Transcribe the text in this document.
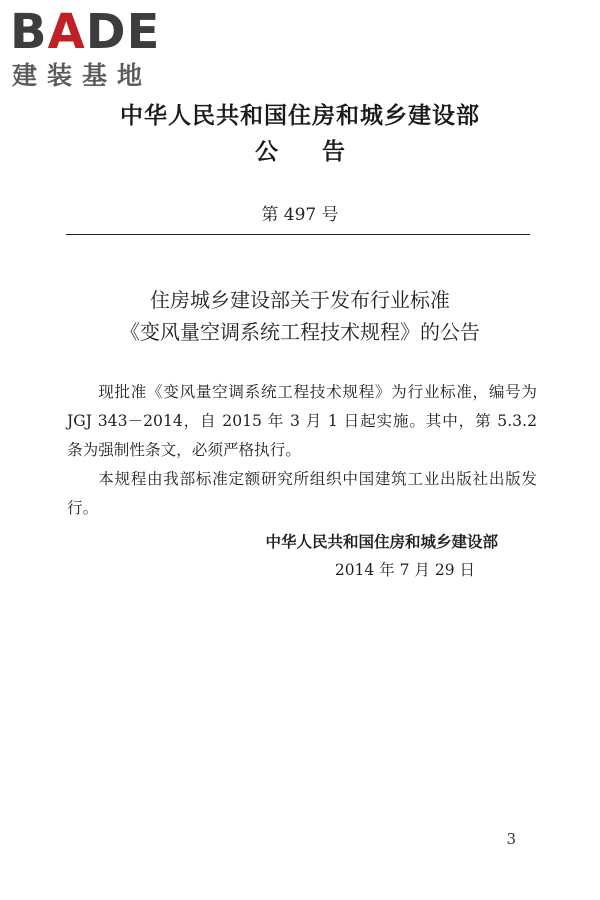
BADE
建装基地
中华人民共和国住房和城乡建设部
公 告
第 497 号
住房城乡建设部关于发布行业标准
《变风量空调系统工程技术规程》的公告

现批准《变风量空调系统工程技术规程》为行业标准，编号为 JGJ 343－2014，自 2015 年 3 月 1 日起实施。其中，第 5.3.2 条为强制性条文，必须严格执行。

本规程由我部标准定额研究所组织中国建筑工业出版社出版发行。

中华人民共和国住房和城乡建设部
2014 年 7 月 29 日
3
